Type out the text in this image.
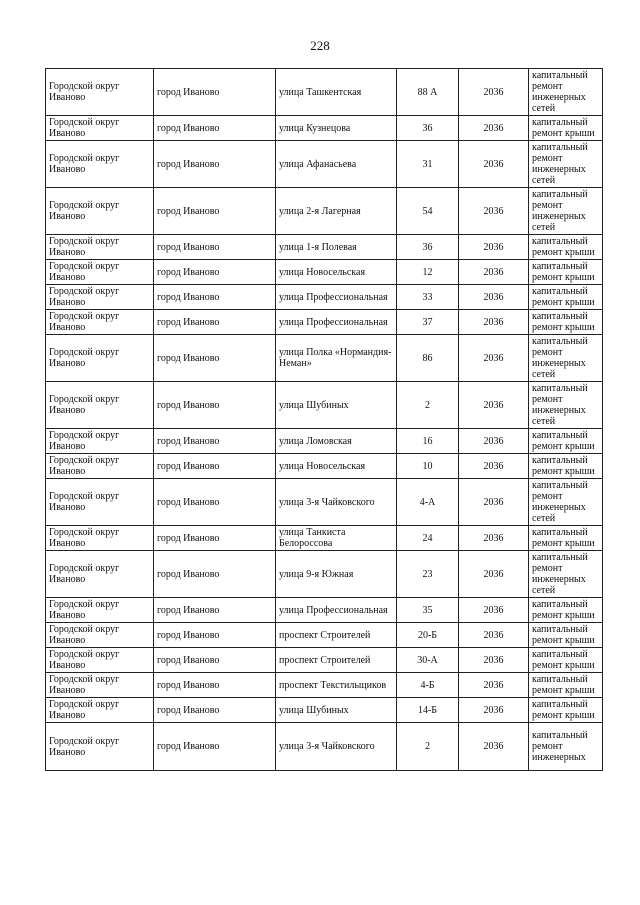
228
Городской округ Иваново	город Иваново	улица Ташкентская	88 А	2036	капитальный ремонт инженерных сетей
Городской округ Иваново	город Иваново	улица Кузнецова	36	2036	капитальный ремонт крыши
Городской округ Иваново	город Иваново	улица Афанасьева	31	2036	капитальный ремонт инженерных сетей
Городской округ Иваново	город Иваново	улица 2-я Лагерная	54	2036	капитальный ремонт инженерных сетей
Городской округ Иваново	город Иваново	улица 1-я Полевая	36	2036	капитальный ремонт крыши
Городской округ Иваново	город Иваново	улица Новосельская	12	2036	капитальный ремонт крыши
Городской округ Иваново	город Иваново	улица Профессиональная	33	2036	капитальный ремонт крыши
Городской округ Иваново	город Иваново	улица Профессиональная	37	2036	капитальный ремонт крыши
Городской округ Иваново	город Иваново	улица Полка «Нормандия-Неман»	86	2036	капитальный ремонт инженерных сетей
Городской округ Иваново	город Иваново	улица Шубиных	2	2036	капитальный ремонт инженерных сетей
Городской округ Иваново	город Иваново	улица Ломовская	16	2036	капитальный ремонт крыши
Городской округ Иваново	город Иваново	улица Новосельская	10	2036	капитальный ремонт крыши
Городской округ Иваново	город Иваново	улица 3-я Чайковского	4-А	2036	капитальный ремонт инженерных сетей
Городской округ Иваново	город Иваново	улица Танкиста Белороссова	24	2036	капитальный ремонт крыши
Городской округ Иваново	город Иваново	улица 9-я Южная	23	2036	капитальный ремонт инженерных сетей
Городской округ Иваново	город Иваново	улица Профессиональная	35	2036	капитальный ремонт крыши
Городской округ Иваново	город Иваново	проспект Строителей	20-Б	2036	капитальный ремонт крыши
Городской округ Иваново	город Иваново	проспект Строителей	30-А	2036	капитальный ремонт крыши
Городской округ Иваново	город Иваново	проспект Текстильщиков	4-Б	2036	капитальный ремонт крыши
Городской округ Иваново	город Иваново	улица Шубиных	14-Б	2036	капитальный ремонт крыши
Городской округ Иваново	город Иваново	улица 3-я Чайковского	2	2036	капитальный ремонт инженерных
